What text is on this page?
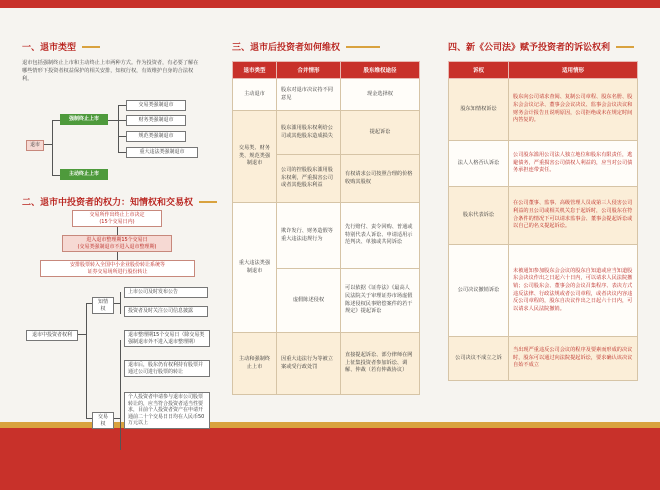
一、退市类型

退市包括强制终止上市和主动终止上市两种方式。作为投资者，有必要了解在哪些情形下投资者权益保护的相关安排，知权行权，有效维护自身的合法权利。

退市
强制终止上市
主动终止上市
交易类强制退市
财务类强制退市
规范类强制退市
重大违法类强制退市
二、退市中投资者的权力：知情权和交易权
交易所作出终止上市决定
(15个交易日内)
进入退市整理期15个交易日
(交易类强制退市不进入退市整理期)
安排股票转入全国中小企业股份转让系统等
证券交易场所进行股份转让
退市中投资者权利
知情权
交易权
上市公司及时发布公告
投资者及时关注公司信息披露
退市整理期15个交易日（除交易类强制退市外不进入退市整理期）
退市后，股东仍有权利持有股票并通过公司进行股票的转让
个人投资者申请参与退市公司股票转让的，应当符合投资者适当性要求，目前个人投资者资产在申请开通前二十个交易日日均在人民币50万元以上
三、退市后投资者如何维权
退市类型	合并情形	股东维权途径
主动退市	股东对退市决议持不同意见	现金选择权
交易类、财务类、规范类强制退市	股东滥用股东权利给公司或其他股东造成损失	提起诉讼
	公司的控股股东滥用股东权利，严重损害公司或者其他股东利益	有权请求公司按照合理的价格收购其股权
重大违法类强制退市	欺诈发行、财务造假等重大违法违规行为	先行赔付、责令回购、普通或特别代表人诉讼、申请适用示范判决、单独或共同诉讼
	虚假陈述侵权	可以依据《证券法》《最高人民法院关于审理证券市场虚假陈述侵权民事赔偿案件的若干规定》提起诉讼
主动和强制终止上市	因重大违法行为等被立案或受行政处罚	直接提起诉讼、部分律师在网上征集投资者参加诉讼、调解、仲裁（若有仲裁协议）
四、新《公司法》赋予投资者的诉讼权利
诉权	适用情形
股东知情权诉讼	股东向公司请求查阅、复制公司章程、股东名册、股东会会议记录、董事会会议决议、监事会会议决议和财务会计报告且说明原因，公司拒绝或未在规定时间内答复的。
法人人格否认诉讼	公司股东滥用公司法人独立地位和股东有限责任，逃避债务，严重损害公司债权人利益的，应当对公司债务承担连带责任。
股东代表诉讼	在公司董事、监事、高级管理人员或第三人侵害公司利益的且公司或相关机关怠于起诉时，公司股东在符合条件的情况下可以请求监事会、董事会提起诉讼或以自己的名义提起诉讼。
公司决议撤销诉讼	未被通知参加股东会会议的股东自知道或应当知道股东会决议作出之日起六十日内，可以请求人民法院撤销；公司股东会、董事会的会议召集程序、表决方式违反法律、行政法规或者公司章程，或者决议内容违反公司章程的，股东自决议作出之日起六十日内，可以请求人民法院撤销。
公司决议不成立之诉	当出现严重违反公司会议的程序及要素而形成的决议时，股东可以通过向法院提起诉讼，要求确认该决议自始不成立
